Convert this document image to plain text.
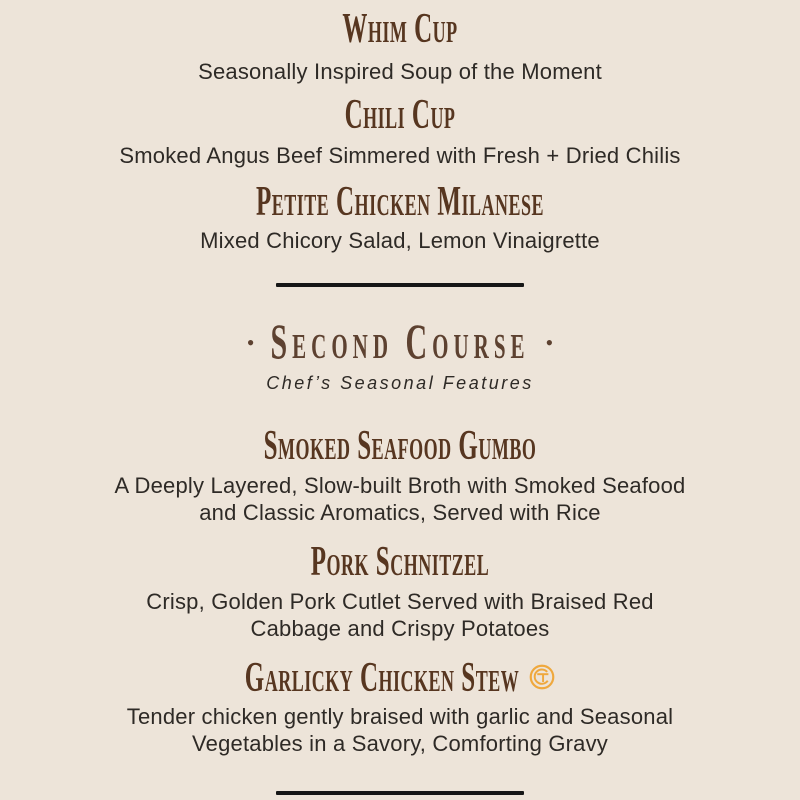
Whim Cup
Seasonally Inspired Soup of the Moment
Chili Cup
Smoked Angus Beef Simmered with Fresh + Dried Chilis
Petite Chicken Milanese
Mixed Chicory Salad, Lemon Vinaigrette
• Second Course •
Chef’s Seasonal Features
Smoked Seafood Gumbo
A Deeply Layered, Slow-built Broth with Smoked Seafood and Classic Aromatics, Served with Rice
Pork Schnitzel
Crisp, Golden Pork Cutlet Served with Braised Red Cabbage and Crispy Potatoes
Garlicky Chicken Stew
Tender chicken gently braised with garlic and Seasonal Vegetables in a Savory, Comforting Gravy
